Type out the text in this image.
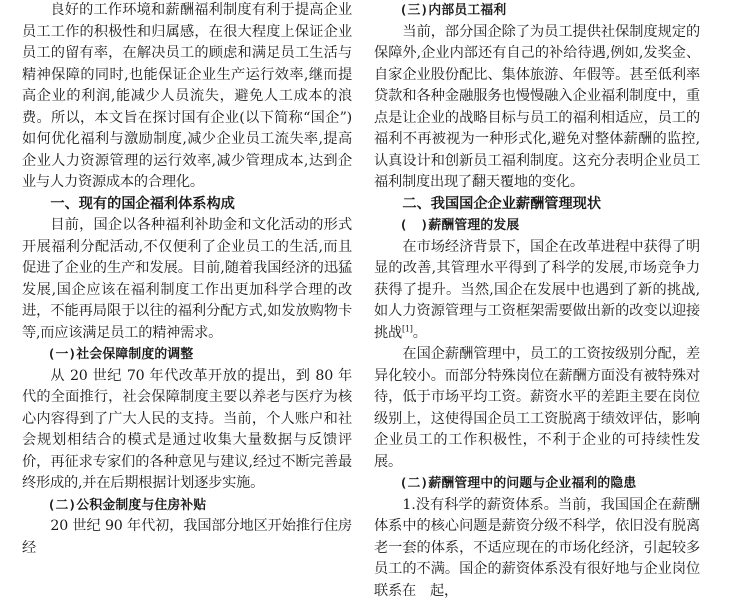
良好的工作环境和薪酬福利制度有利于提高企业员工工作的积极性和归属感，在很大程度上保证企业员工的留有率，在解决员工的顾虑和满足员工生活与精神保障的同时,也能保证企业生产运行效率,继而提高企业的利润,能减少人员流失，避免人工成本的浪费。所以，本文旨在探讨国有企业(以下简称“国企”)如何优化福利与激励制度,减少企业员工流失率,提高企业人力资源管理的运行效率,减少管理成本,达到企业与人力资源成本的合理化。

一、现有的国企福利体系构成

目前，国企以各种福利补助金和文化活动的形式开展福利分配活动,不仅便利了企业员工的生活,而且促进了企业的生产和发展。目前,随着我国经济的迅猛发展,国企应该在福利制度工作出更加科学合理的改进，不能再局限于以往的福利分配方式,如发放购物卡等,而应该满足员工的精神需求。

(一)社会保障制度的调整

从 20 世纪 70 年代改革开放的提出，到 80 年代的全面推行，社会保障制度主要以养老与医疗为核心内容得到了广大人民的支持。当前，个人账户和社会规划相结合的模式是通过收集大量数据与反馈评价，再征求专家们的各种意见与建议,经过不断完善最终形成的,并在后期根据计划逐步实施。

(二)公积金制度与住房补贴

20 世纪 90 年代初，我国部分地区开始推行住房经

(三)内部员工福利

当前，部分国企除了为员工提供社保制度规定的保障外,企业内部还有自己的补给待遇,例如,发奖金、自家企业股份配比、集体旅游、年假等。甚至低利率贷款和各种金融服务也慢慢融入企业福利制度中，重点是让企业的战略目标与员工的福利相适应，员工的福利不再被视为一种形式化,避免对整体薪酬的监控,认真设计和创新员工福利制度。这充分表明企业员工福利制度出现了翻天覆地的变化。

二、我国国企企业薪酬管理现状
(　)薪酬管理的发展

在市场经济背景下，国企在改革进程中获得了明显的改善,其管理水平得到了科学的发展,市场竞争力获得了提升。当然,国企在发展中也遇到了新的挑战,如人力资源管理与工资框架需要做出新的改变以迎接挑战[1]。

在国企薪酬管理中，员工的工资按级别分配，差异化较小。而部分特殊岗位在薪酬方面没有被特殊对待，低于市场平均工资。薪资水平的差距主要在岗位级别上，这使得国企员工工资脱离于绩效评估，影响企业员工的工作积极性，不利于企业的可持续性发展。

(二)薪酬管理中的问题与企业福利的隐患

1.没有科学的薪资体系。当前，我国国企在薪酬体系中的核心问题是薪资分级不科学，依旧没有脱离老一套的体系，不适应现在的市场化经济，引起较多员工的不满。国企的薪资体系没有很好地与企业岗位联系在　起，
